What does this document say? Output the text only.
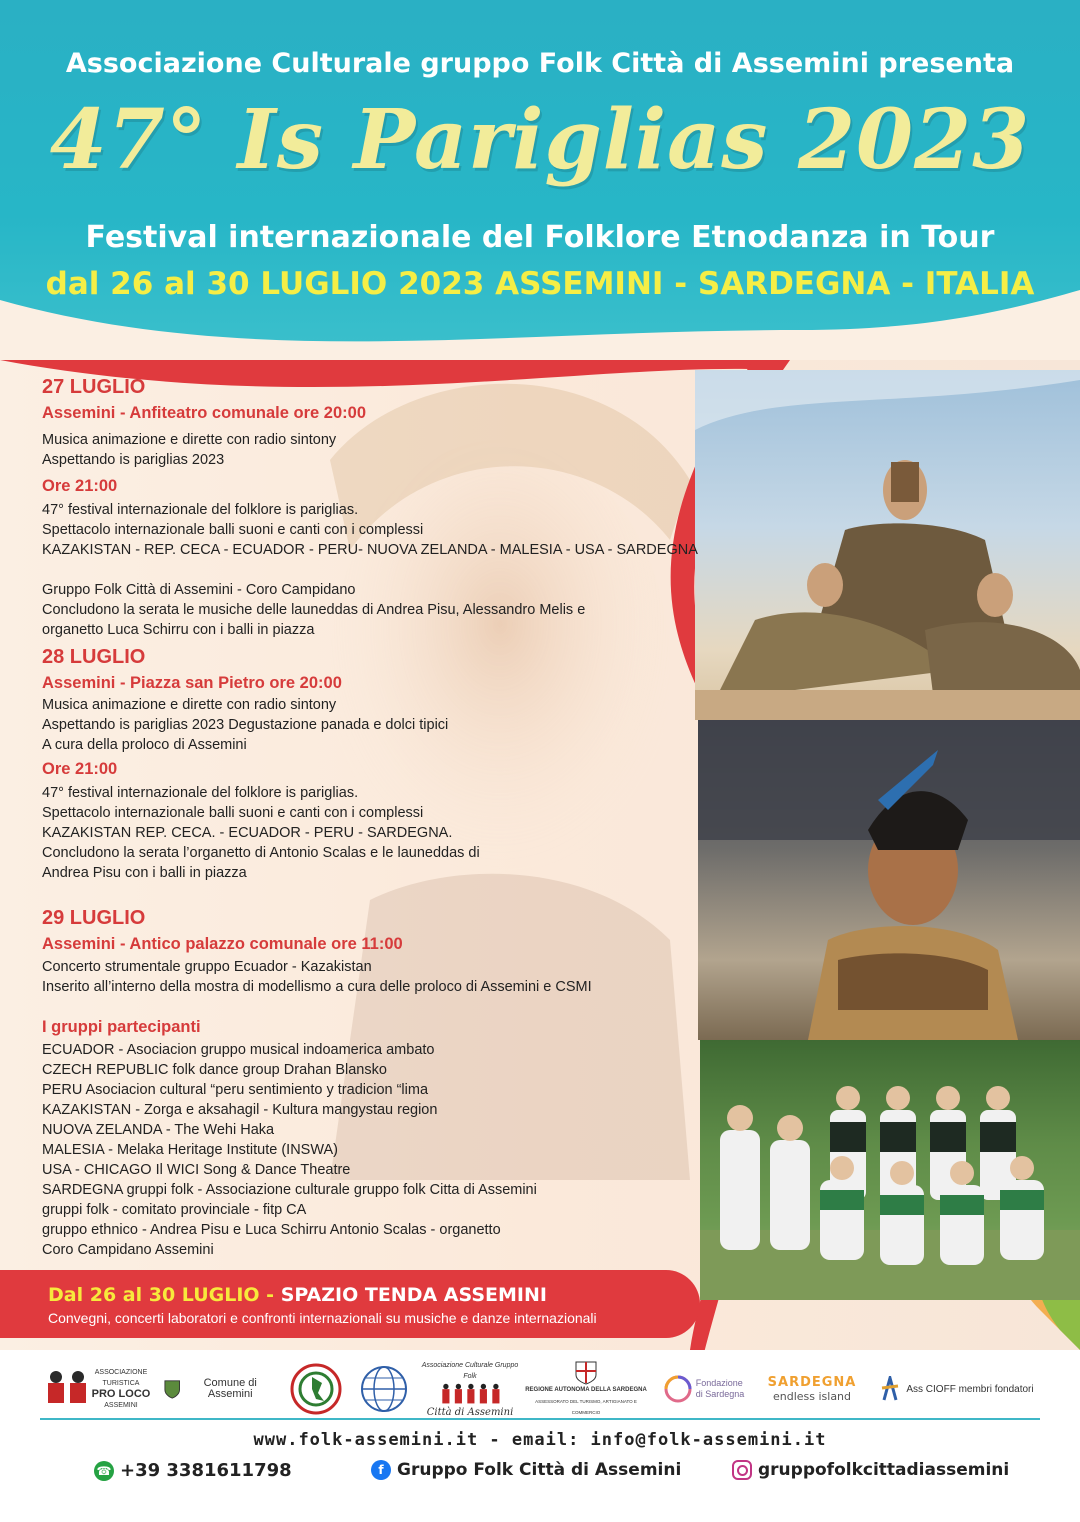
Associazione Culturale gruppo Folk Città di Assemini presenta
47° Is Pariglias 2023
Festival internazionale del Folklore Etnodanza in Tour
dal 26 al 30 LUGLIO 2023 ASSEMINI - SARDEGNA - ITALIA
27 LUGLIO
Assemini - Anfiteatro comunale ore 20:00
Musica animazione e dirette con radio sintony
Aspettando is pariglias 2023
Ore 21:00
47° festival internazionale del folklore is pariglias.
Spettacolo internazionale balli suoni e canti con i complessi
KAZAKISTAN - REP. CECA - ECUADOR - PERU- NUOVA ZELANDA - MALESIA - USA - SARDEGNA
Gruppo Folk Città di Assemini - Coro Campidano
Concludono la serata le musiche delle launeddas di Andrea Pisu, Alessandro Melis e
organetto Luca Schirru con i balli in piazza
28 LUGLIO
Assemini - Piazza san Pietro ore 20:00
Musica animazione e dirette con radio sintony
Aspettando is pariglias 2023 Degustazione panada e dolci tipici
A cura della proloco di Assemini
Ore 21:00
47° festival internazionale del folklore is pariglias.
Spettacolo internazionale balli suoni e canti con i complessi
KAZAKISTAN REP. CECA. - ECUADOR - PERU - SARDEGNA.
Concludono la serata l’organetto di Antonio Scalas e le launeddas di
Andrea Pisu con i balli in piazza
29 LUGLIO
Assemini - Antico palazzo comunale ore 11:00
Concerto strumentale gruppo Ecuador - Kazakistan
Inserito all’interno della mostra di modellismo a cura delle proloco di Assemini e CSMI
I gruppi partecipanti
ECUADOR - Asociacion gruppo musical indoamerica ambato
CZECH REPUBLIC folk dance group Drahan Blansko
PERU Asociacion cultural “peru sentimiento y tradicion “lima
KAZAKISTAN - Zorga e aksahagil - Kultura mangystau region
NUOVA ZELANDA - The Wehi Haka
MALESIA - Melaka Heritage Institute (INSWA)
USA - CHICAGO Il WICI Song & Dance Theatre
SARDEGNA gruppi folk - Associazione culturale gruppo folk Citta di Assemini
gruppi folk - comitato provinciale - fitp CA
gruppo ethnico - Andrea Pisu e Luca Schirru Antonio Scalas - organetto
Coro Campidano Assemini
Dal 26 al 30 LUGLIO - SPAZIO TENDA ASSEMINI
Convegni, concerti laboratori e confronti internazionali su musiche e danze internazionali
ASSOCIAZIONE
TURISTICA
PRO LOCO
ASSEMINI
Comune di Assemini
Associazione Culturale Gruppo Folk
Città di Assemini
REGIONE AUTONOMA DELLA SARDEGNA
ASSESSORATO DEL TURISMO, ARTIGIANATO E COMMERCIO
Fondazione
di Sardegna
SARDEGNA
endless island
Ass CIOFF membri fondatori
www.folk-assemini.it - email: info@folk-assemini.it
☎ +39 3381611798	f Gruppo Folk Città di Assemini	gruppofolkcittadiassemini
